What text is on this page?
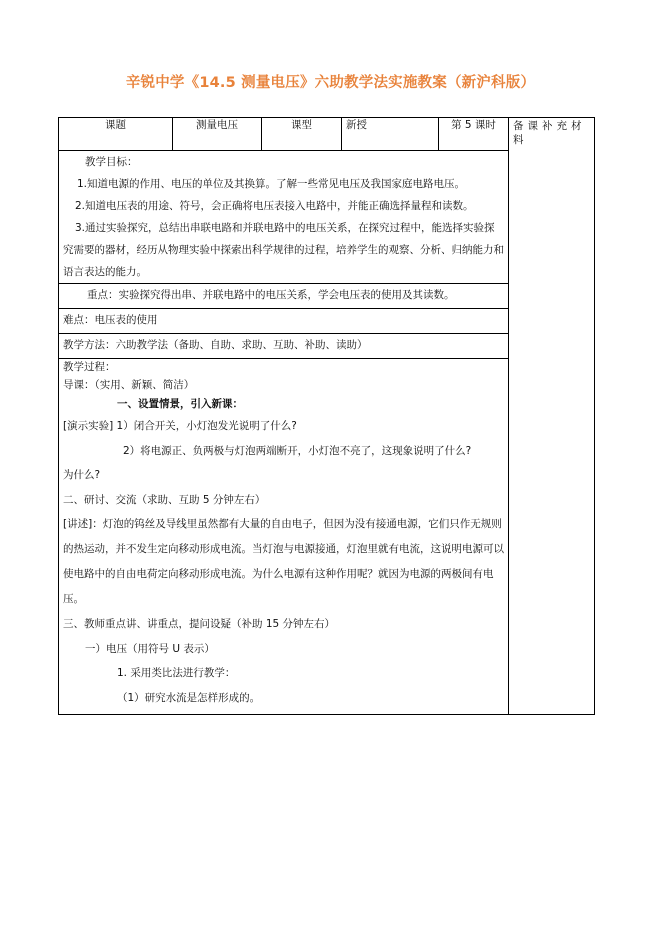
辛锐中学《14.5 测量电压》六助教学法实施教案（新沪科版）
课题	测量电压	课型	新授	第 5 课时	备课补充材料

教学目标：
1.知道电源的作用、电压的单位及其换算。了解一些常见电压及我国家庭电路电压。
2.知道电压表的用途、符号，会正确将电压表接入电路中，并能正确选择量程和读数。
3.通过实验探究，总结出串联电路和并联电路中的电压关系，在探究过程中，能选择实验探究需要的器材，经历从物理实验中探索出科学规律的过程，培养学生的观察、分析、归纳能力和语言表达的能力。

重点：实验探究得出串、并联电路中的电压关系，学会电压表的使用及其读数。
难点：电压表的使用
教学方法：六助教学法（备助、自助、求助、互助、补助、读助）

教学过程：
导课：（实用、新颖、简洁）
一、设置情景，引入新课：
[演示实验] 1）闭合开关，小灯泡发光说明了什么?
2）将电源正、负两极与灯泡两端断开，小灯泡不亮了，这现象说明了什么?
为什么?
二、研讨、交流（求助、互助 5 分钟左右）
[讲述]：灯泡的钨丝及导线里虽然都有大量的自由电子，但因为没有接通电源，它们只作无规则的热运动，并不发生定向移动形成电流。当灯泡与电源接通，灯泡里就有电流，这说明电源可以使电路中的自由电荷定向移动形成电流。为什么电源有这种作用呢？就因为电源的两极间有电压。
三、教师重点讲、讲重点，提问设疑（补助 15 分钟左右）
一）电压（用符号 U 表示）
1. 采用类比法进行教学：
（1）研究水流是怎样形成的。
